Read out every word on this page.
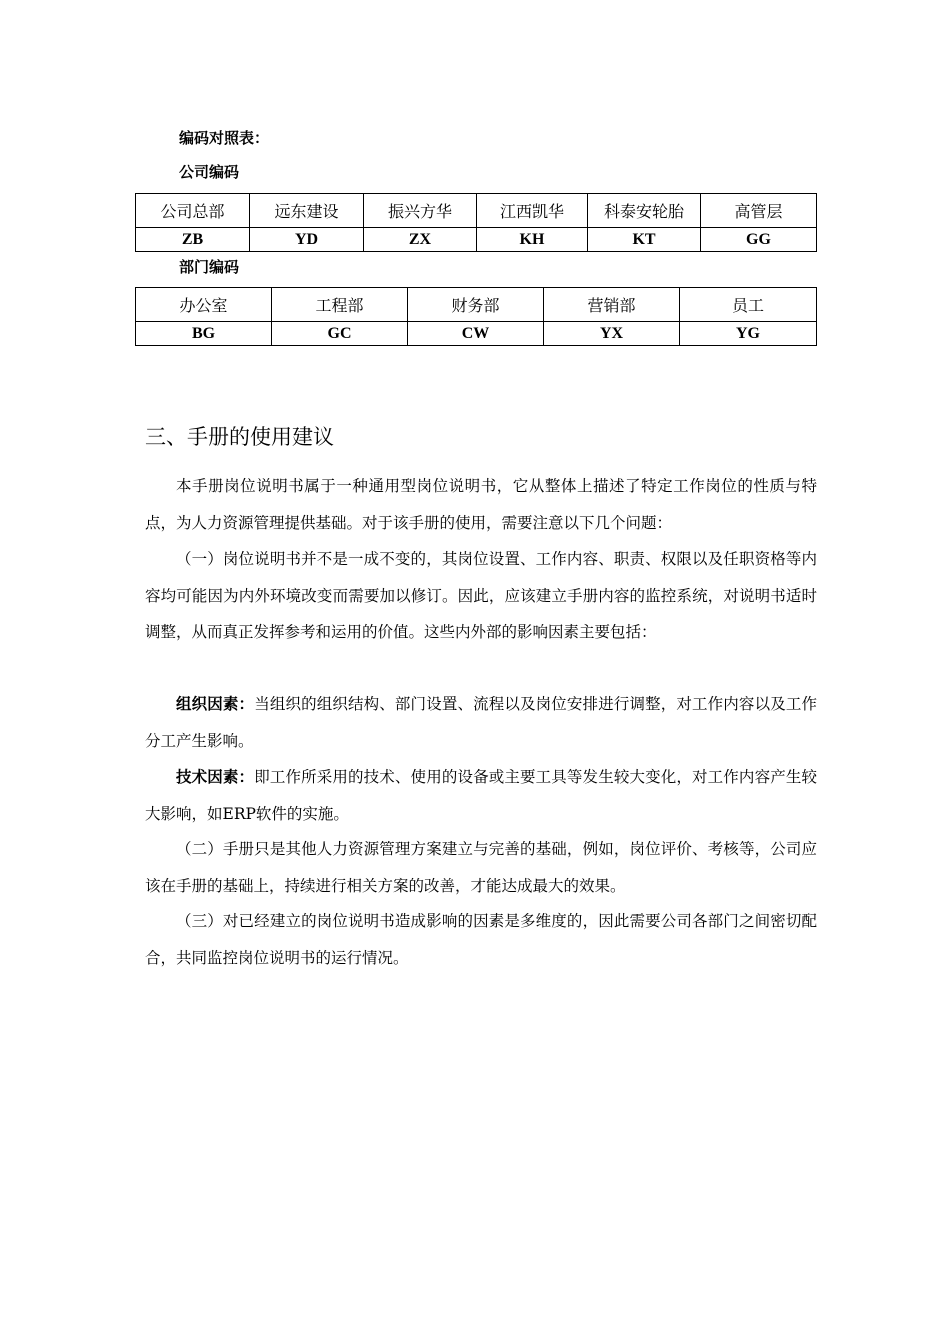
编码对照表：

公司编码

公司总部	远东建设	振兴方华	江西凯华	科泰安轮胎	高管层
ZB	YD	ZX	KH	KT	GG

部门编码

办公室	工程部	财务部	营销部	员工
BG	GC	CW	YX	YG
三、手册的使用建议

本手册岗位说明书属于一种通用型岗位说明书，它从整体上描述了特定工作岗位的性质与特点，为人力资源管理提供基础。对于该手册的使用，需要注意以下几个问题：

（一）岗位说明书并不是一成不变的，其岗位设置、工作内容、职责、权限以及任职资格等内容均可能因为内外环境改变而需要加以修订。因此，应该建立手册内容的监控系统，对说明书适时调整，从而真正发挥参考和运用的价值。这些内外部的影响因素主要包括：

组织因素：当组织的组织结构、部门设置、流程以及岗位安排进行调整，对工作内容以及工作分工产生影响。

技术因素：即工作所采用的技术、使用的设备或主要工具等发生较大变化，对工作内容产生较大影响，如ERP软件的实施。

（二）手册只是其他人力资源管理方案建立与完善的基础，例如，岗位评价、考核等，公司应该在手册的基础上，持续进行相关方案的改善，才能达成最大的效果。

（三）对已经建立的岗位说明书造成影响的因素是多维度的，因此需要公司各部门之间密切配合，共同监控岗位说明书的运行情况。
